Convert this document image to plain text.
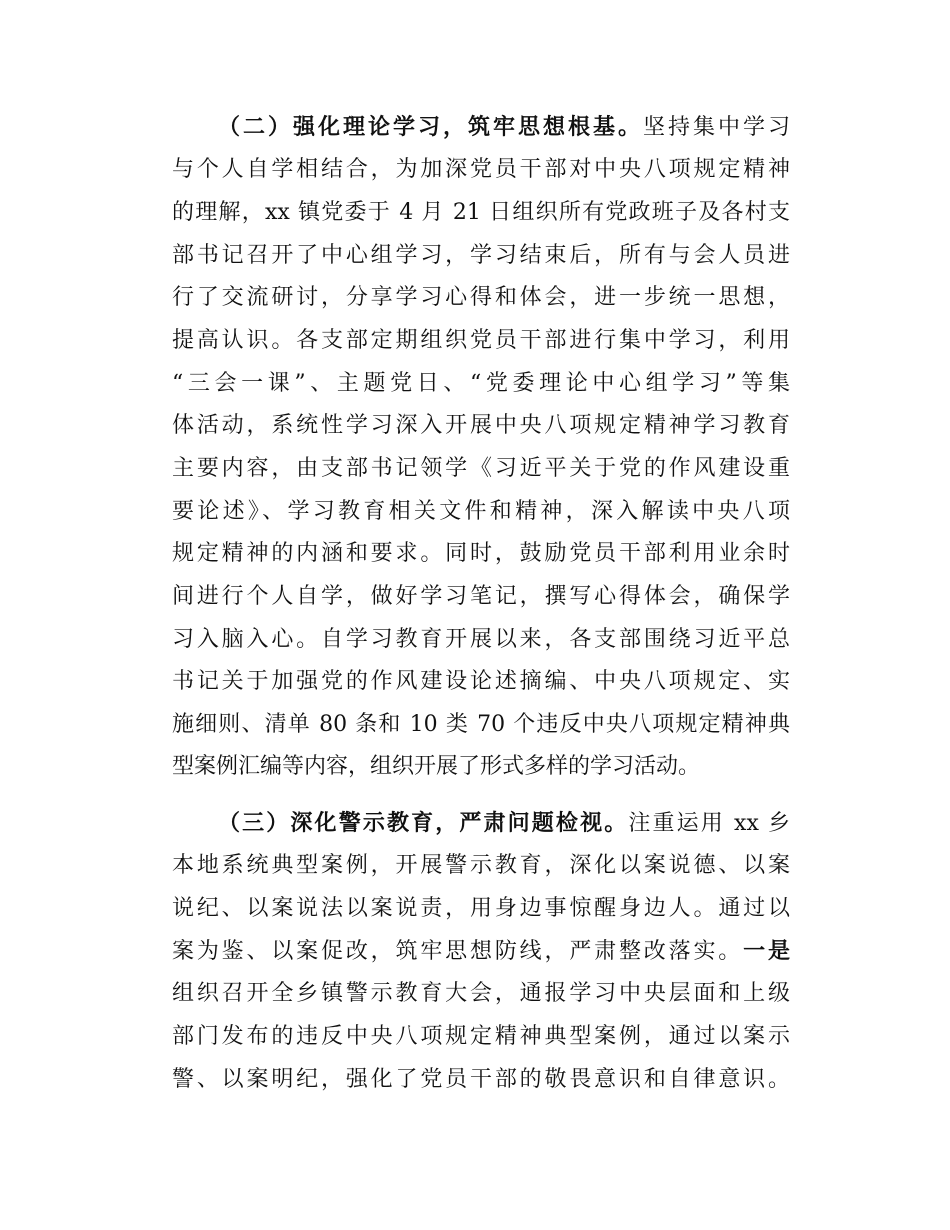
（二）强化理论学习，筑牢思想根基。坚持集中学习
与个人自学相结合，为加深党员干部对中央八项规定精神
的理解，xx 镇党委于 4 月 21 日组织所有党政班子及各村支
部书记召开了中心组学习，学习结束后，所有与会人员进
行了交流研讨，分享学习心得和体会，进一步统一思想，
提高认识。各支部定期组织党员干部进行集中学习，利用
“三会一课”、主题党日、“党委理论中心组学习”等集
体活动，系统性学习深入开展中央八项规定精神学习教育
主要内容，由支部书记领学《习近平关于党的作风建设重
要论述》、学习教育相关文件和精神，深入解读中央八项
规定精神的内涵和要求。同时，鼓励党员干部利用业余时
间进行个人自学，做好学习笔记，撰写心得体会，确保学
习入脑入心。自学习教育开展以来，各支部围绕习近平总
书记关于加强党的作风建设论述摘编、中央八项规定、实
施细则、清单 80 条和 10 类 70 个违反中央八项规定精神典
型案例汇编等内容，组织开展了形式多样的学习活动。
（三）深化警示教育，严肃问题检视。注重运用 xx 乡
本地系统典型案例，开展警示教育，深化以案说德、以案
说纪、以案说法以案说责，用身边事惊醒身边人。通过以
案为鉴、以案促改，筑牢思想防线，严肃整改落实。一是
组织召开全乡镇警示教育大会，通报学习中央层面和上级
部门发布的违反中央八项规定精神典型案例，通过以案示
警、以案明纪，强化了党员干部的敬畏意识和自律意识。
